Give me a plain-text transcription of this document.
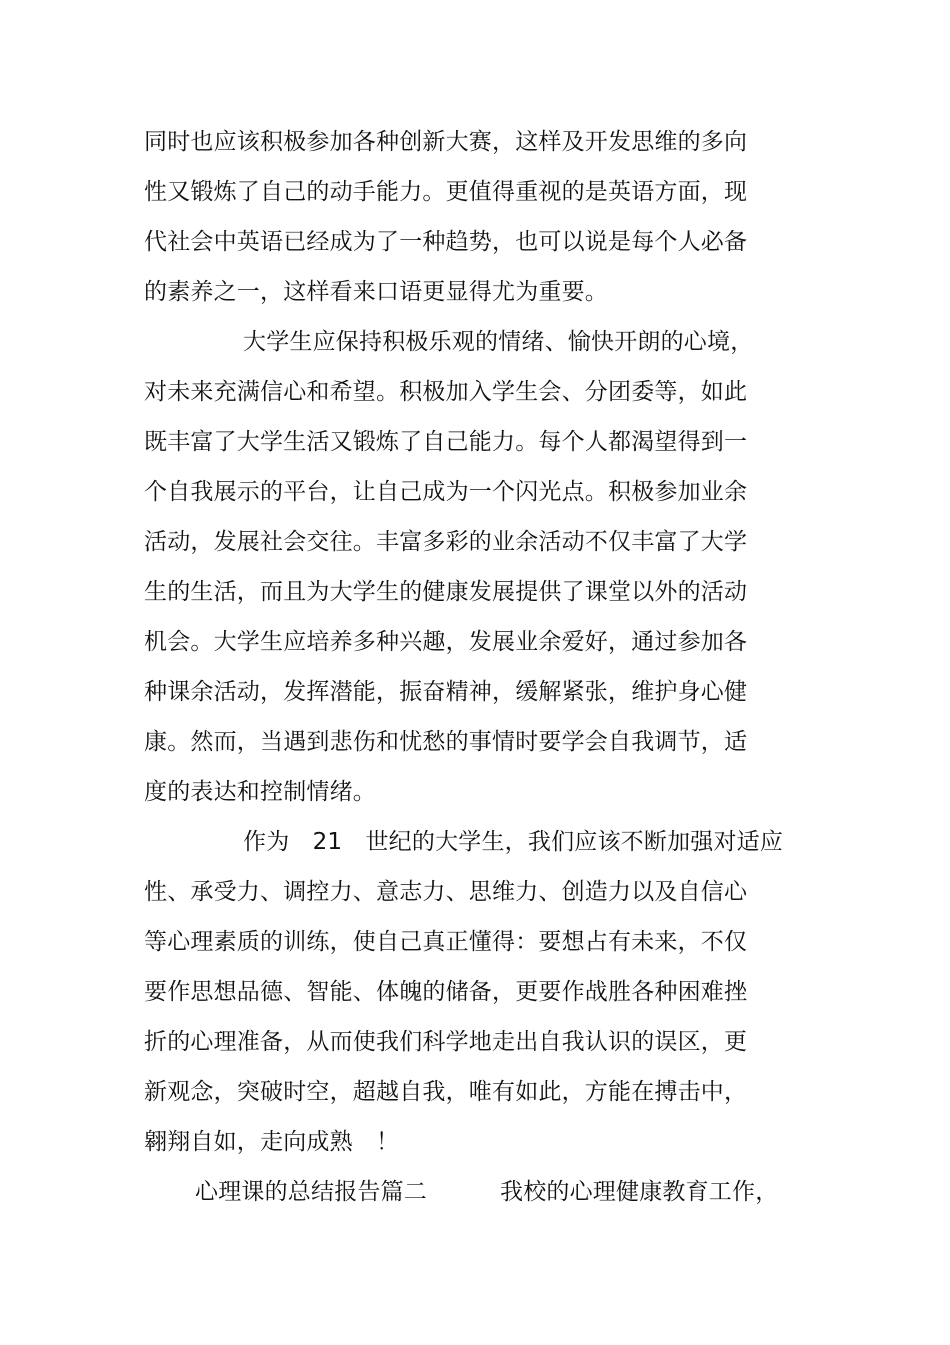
同时也应该积极参加各种创新大赛，这样及开发思维的多向
性又锻炼了自己的动手能力。更值得重视的是英语方面，现
代社会中英语已经成为了一种趋势，也可以说是每个人必备
的素养之一，这样看来口语更显得尤为重要。
大学生应保持积极乐观的情绪、愉快开朗的心境，
对未来充满信心和希望。积极加入学生会、分团委等，如此
既丰富了大学生活又锻炼了自己能力。每个人都渴望得到一
个自我展示的平台，让自己成为一个闪光点。积极参加业余
活动，发展社会交往。丰富多彩的业余活动不仅丰富了大学
生的生活，而且为大学生的健康发展提供了课堂以外的活动
机会。大学生应培养多种兴趣，发展业余爱好，通过参加各
种课余活动，发挥潜能，振奋精神，缓解紧张，维护身心健
康。然而，当遇到悲伤和忧愁的事情时要学会自我调节，适
度的表达和控制情绪。
作为　21　世纪的大学生，我们应该不断加强对适应
性、承受力、调控力、意志力、思维力、创造力以及自信心
等心理素质的训练，使自己真正懂得：要想占有未来，不仅
要作思想品德、智能、体魄的储备，更要作战胜各种困难挫
折的心理准备，从而使我们科学地走出自我认识的误区，更
新观念，突破时空，超越自我，唯有如此，方能在搏击中，
翱翔自如，走向成熟　！
心理课的总结报告篇二	我校的心理健康教育工作，
